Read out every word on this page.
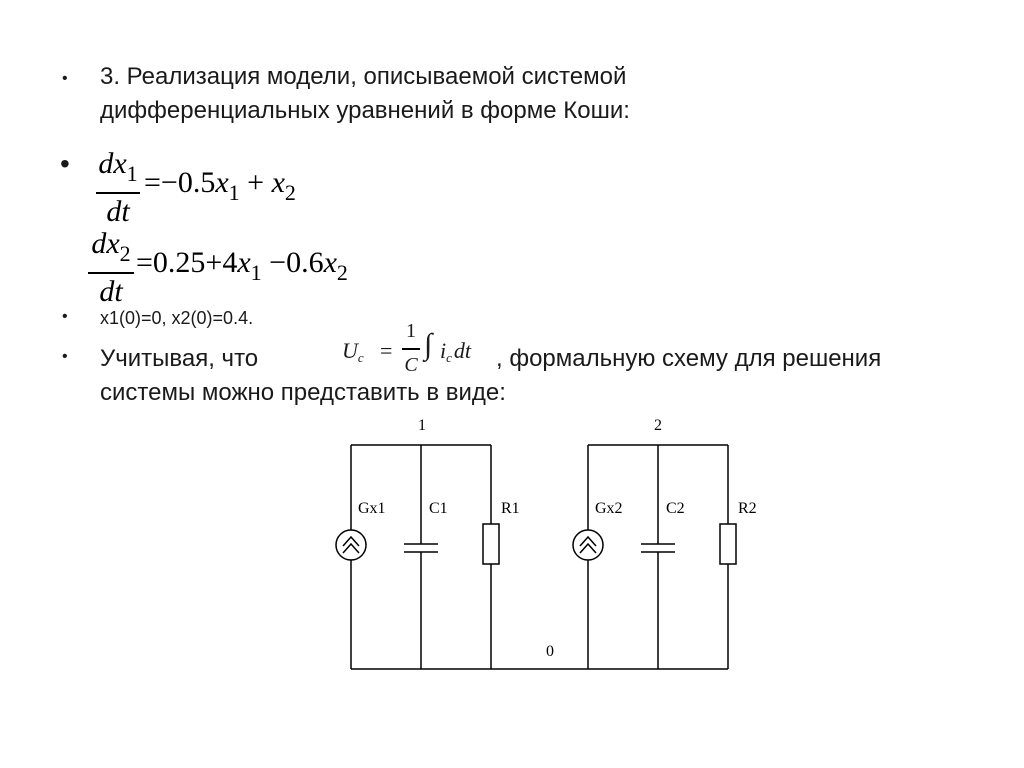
• 3. Реализация модели, описываемой системой дифференциальных уравнений в форме Коши:
• $dx_1$
dt
$=-0.5x_1 + x_2$
$dx_2$
dt
$=0.25+4x_1 -0.6x_2$
• x1(0)=0, x2(0)=0.4.
• Учитывая, что	$U_c$ =
1
C
∫ $i_cdt$	, формальную схему для решения системы можно представить в виде:
1	2
0
Gx1	C1	R1	Gx2	C2	R2
